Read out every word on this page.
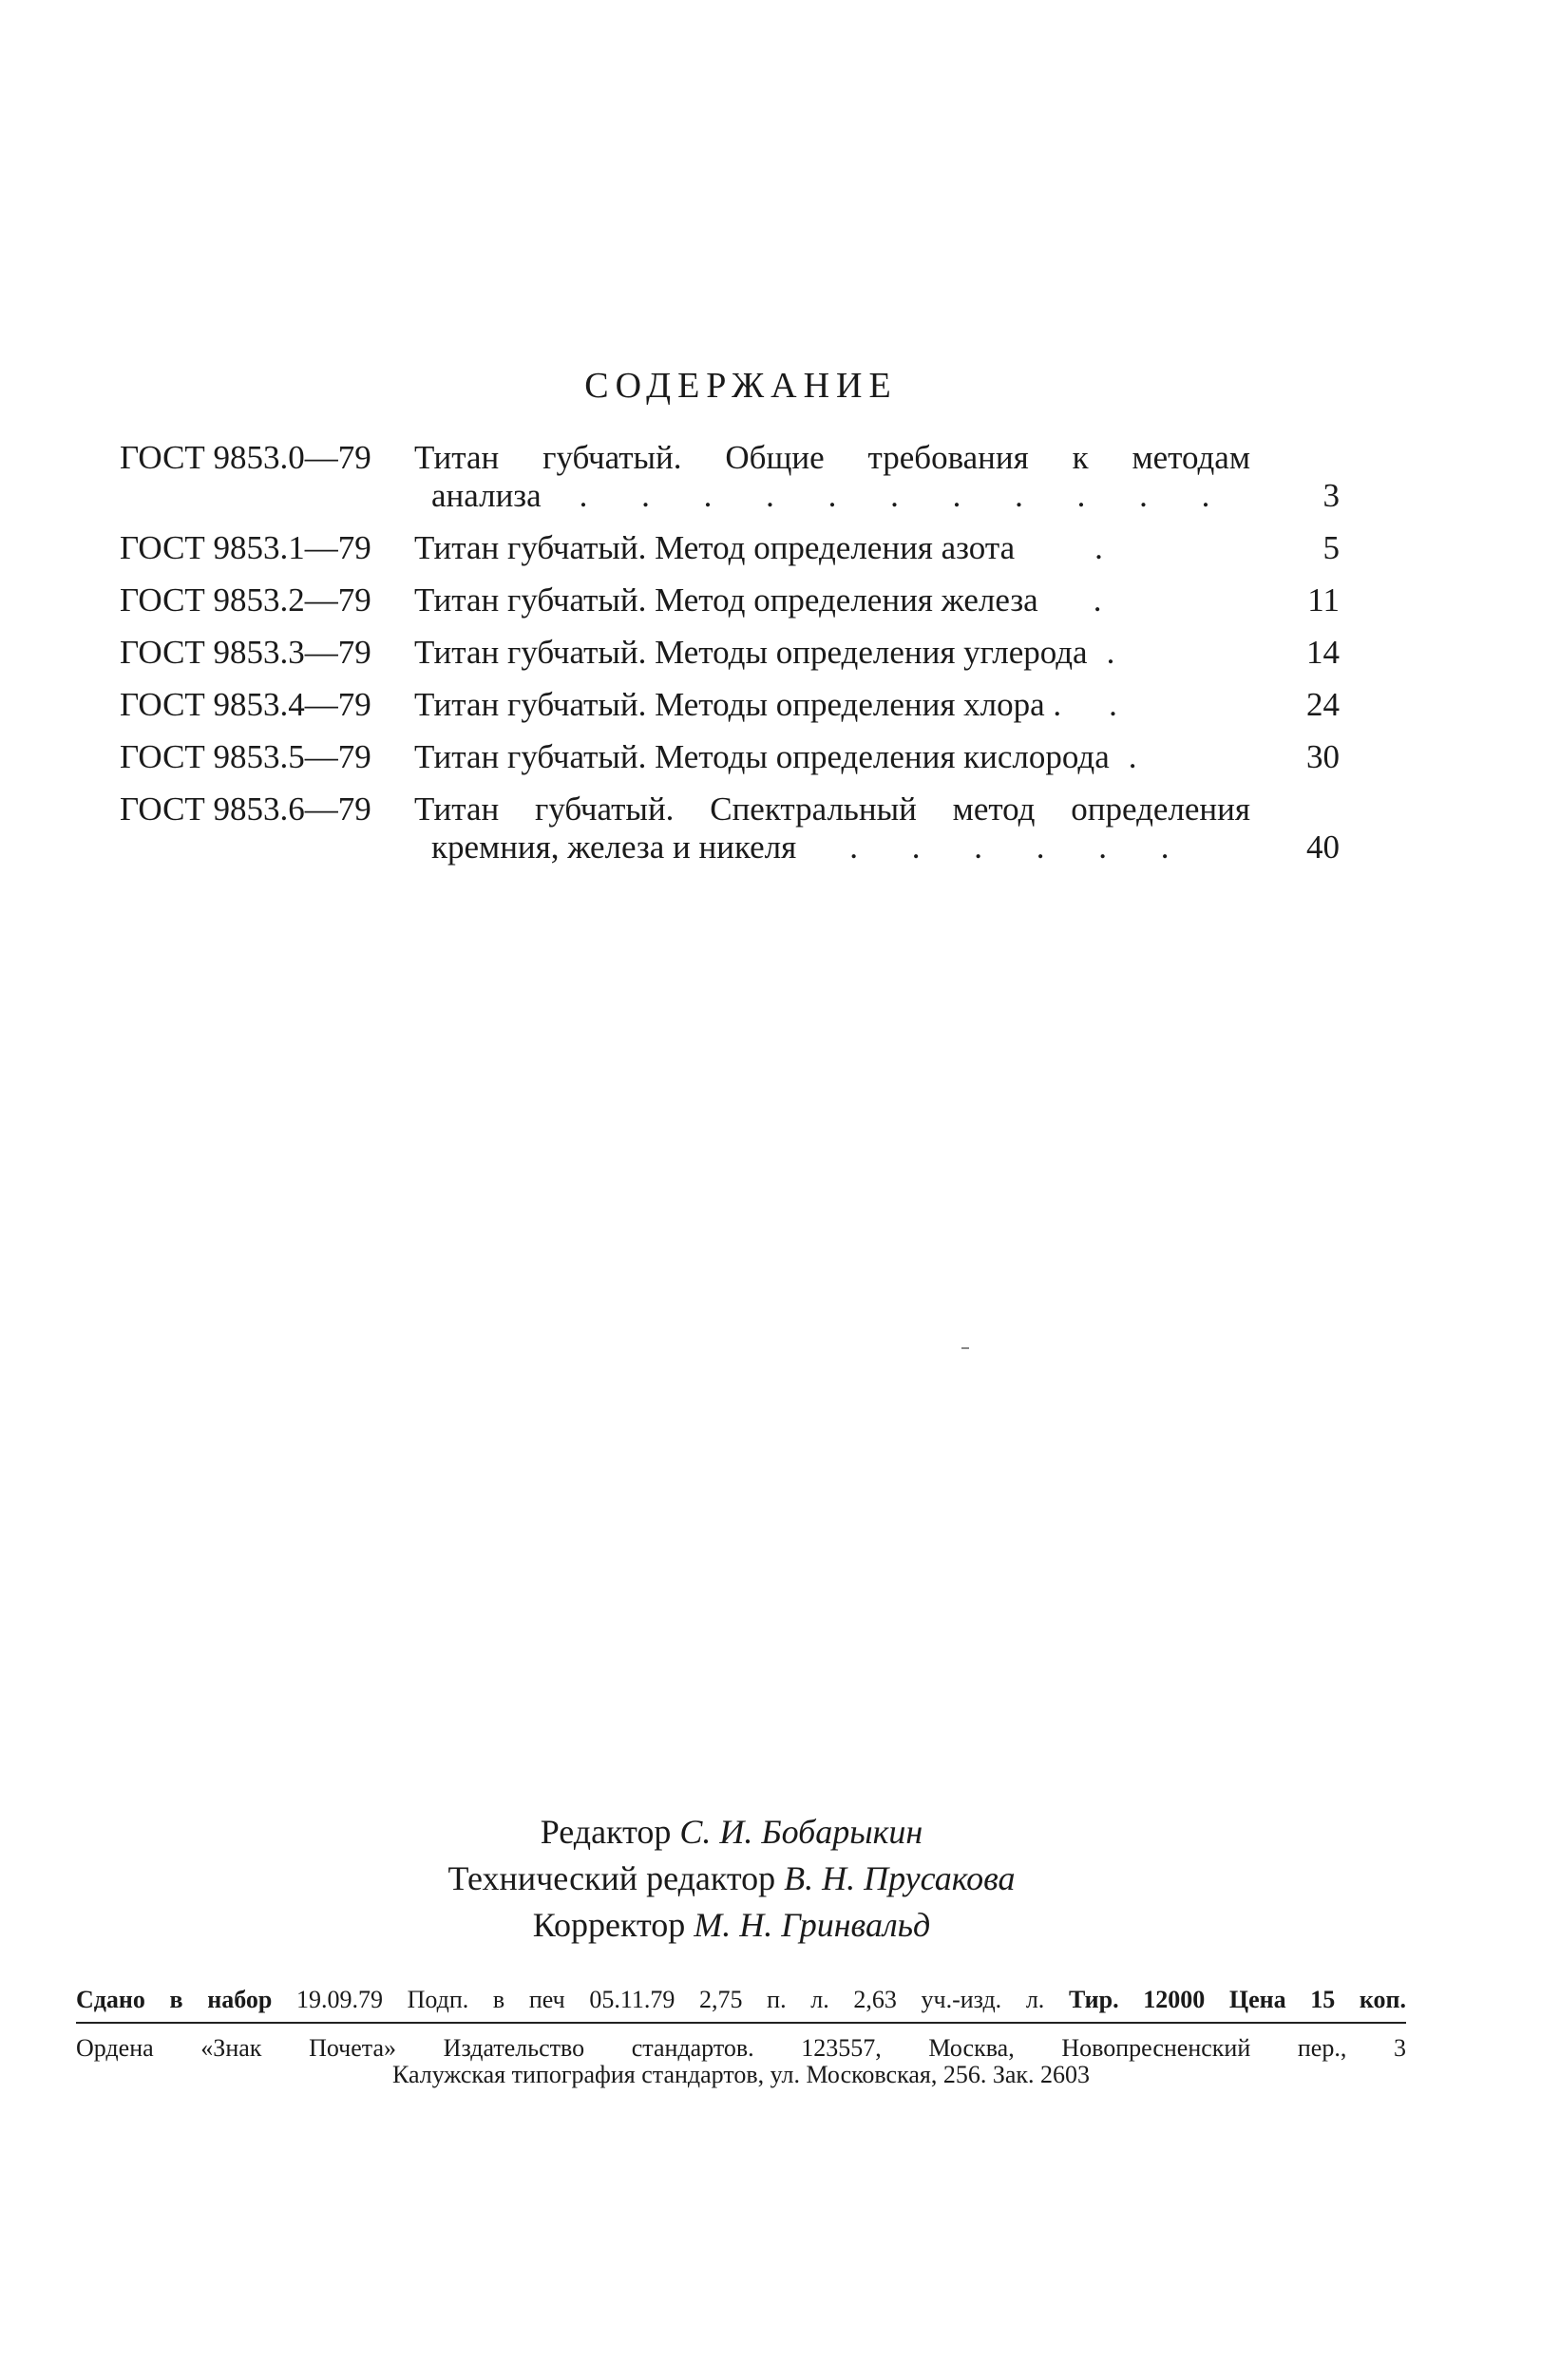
СОДЕРЖАНИЕ
ГОСТ 9853.0—79	Титан губчатый. Общие требования к методам
анализа . . . . . . . . . . .	3
ГОСТ 9853.1—79	Титан губчатый. Метод определения азота .	5
ГОСТ 9853.2—79	Титан губчатый. Метод определения железа .	11
ГОСТ 9853.3—79	Титан губчатый. Методы определения углерода .	14
ГОСТ 9853.4—79	Титан губчатый. Методы определения хлора . .	24
ГОСТ 9853.5—79	Титан губчатый. Методы определения кислорода .	30
ГОСТ 9853.6—79	Титан губчатый. Спектральный метод определения
кремния, железа и никеля . . . . . .	40
Редактор С. И. Бобарыкин
Технический редактор В. Н. Прусакова
Корректор М. Н. Гринвальд
Сдано в набор 19.09.79 Подп. в печ 05.11.79 2,75 п. л. 2,63 уч.-изд. л. Тир. 12000 Цена 15 коп.
Ордена «Знак Почета» Издательство стандартов. 123557, Москва, Новопресненский пер., 3
Калужская типография стандартов, ул. Московская, 256. Зак. 2603
